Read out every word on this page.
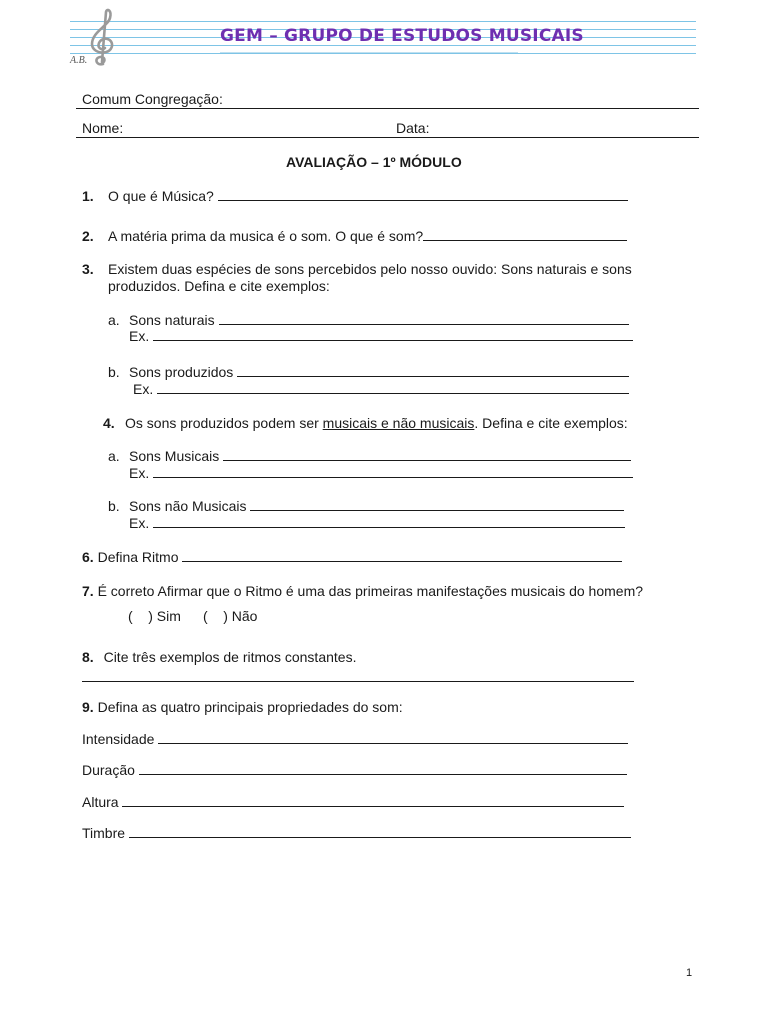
A.B.
GEM – GRUPO DE ESTUDOS MUSICAIS
Comum Congregação:
Nome:	Data:
AVALIAÇÃO – 1º MÓDULO
1. O que é Música?
2. A matéria prima da musica é o som. O que é som?
3. Existem duas espécies de sons percebidos pelo nosso ouvido: Sons naturais e sons
produzidos. Defina e cite exemplos:
a. Sons naturais
Ex.
b. Sons produzidos
Ex.
4. Os sons produzidos podem ser musicais e não musicais. Defina e cite exemplos:
a. Sons Musicais
Ex.
b. Sons não Musicais
Ex.
6. Defina Ritmo
7. É correto Afirmar que o Ritmo é uma das primeiras manifestações musicais do homem?
(    ) Sim (    ) Não
8. Cite três exemplos de ritmos constantes.
9. Defina as quatro principais propriedades do som:
Intensidade
Duração
Altura
Timbre
1
